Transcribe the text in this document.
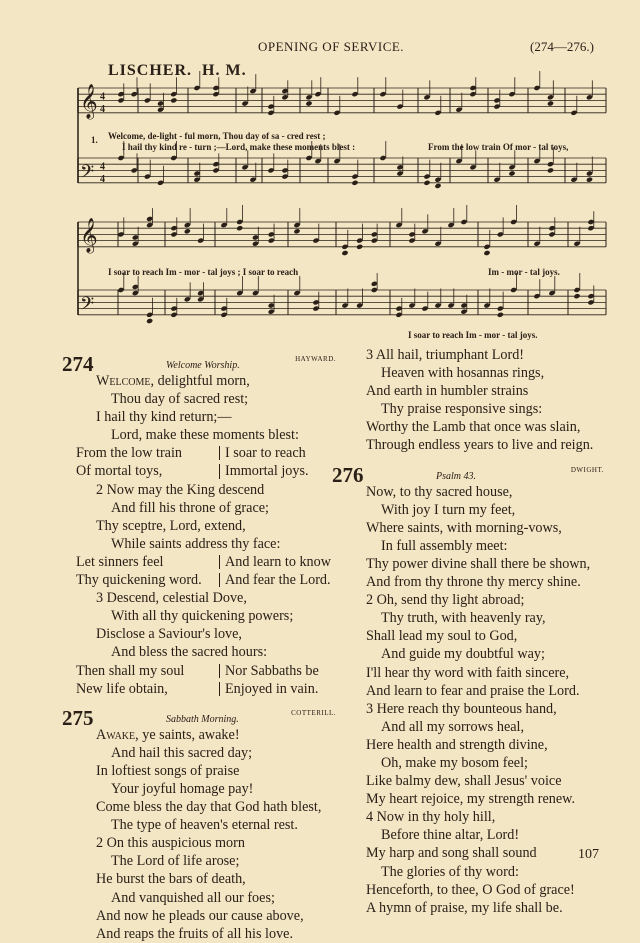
OPENING OF SERVICE.	(274—276.)
LISCHER. H. M.
𝄞 4
4
𝄢 4
4
𝄞
𝄢
1. Welcome, de-light - ful morn, Thou day of sa - cred rest ;
I hail thy kind re - turn ;—Lord, make these moments blest :	From the low train Of mor - tal toys,
I soar to reach Im - mor - tal joys ; I soar to reach	Im - mor - tal joys.
I soar to reach Im - mor - tal joys.
274	Welcome Worship.
HAYWARD.
Welcome, delightful morn,
Thou day of sacred rest;
I hail thy kind return;—
Lord, make these moments blest:
From the low train	I soar to reach
Of mortal toys,	Immortal joys.
2 Now may the King descend
And fill his throne of grace;
Thy sceptre, Lord, extend,
While saints address thy face:
Let sinners feel	And learn to know
Thy quickening word.	And fear the Lord.
3 Descend, celestial Dove,
With all thy quickening powers;
Disclose a Saviour's love,
And bless the sacred hours:
Then shall my soul	Nor Sabbaths be
New life obtain,	Enjoyed in vain.
275	Sabbath Morning.
COTTERILL.
Awake, ye saints, awake!
And hail this sacred day;
In loftiest songs of praise
Your joyful homage pay!
Come bless the day that God hath blest,
The type of heaven's eternal rest.
2 On this auspicious morn
The Lord of life arose;
He burst the bars of death,
And vanquished all our foes;
And now he pleads our cause above,
And reaps the fruits of all his love.
3 All hail, triumphant Lord!
Heaven with hosannas rings,
And earth in humbler strains
Thy praise responsive sings:
Worthy the Lamb that once was slain,
Through endless years to live and reign.
276	Psalm 43.
DWIGHT.
Now, to thy sacred house,
With joy I turn my feet,
Where saints, with morning-vows,
In full assembly meet:
Thy power divine shall there be shown,
And from thy throne thy mercy shine.
2 Oh, send thy light abroad;
Thy truth, with heavenly ray,
Shall lead my soul to God,
And guide my doubtful way;
I'll hear thy word with faith sincere,
And learn to fear and praise the Lord.
3 Here reach thy bounteous hand,
And all my sorrows heal,
Here health and strength divine,
Oh, make my bosom feel;
Like balmy dew, shall Jesus' voice
My heart rejoice, my strength renew.
4 Now in thy holy hill,
Before thine altar, Lord!
My harp and song shall sound
The glories of thy word:
Henceforth, to thee, O God of grace!
A hymn of praise, my life shall be.
107
